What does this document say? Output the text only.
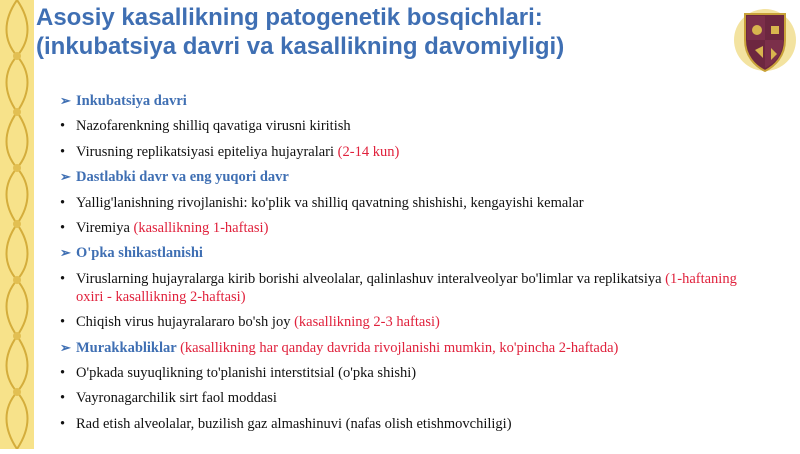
Asosiy kasallikning patogenetik bosqichlari:
(inkubatsiya davri va kasallikning davomiyligi)
➢ Inkubatsiya davri
• Nazofarenkning shilliq qavatiga virusni kiritish
• Virusning replikatsiyasi epiteliya hujayralari (2-14 kun)
➢ Dastlabki davr va eng yuqori davr
• Yallig'lanishning rivojlanishi: ko'plik va shilliq qavatning shishishi, kengayishi kemalar
• Viremiya (kasallikning 1-haftasi)
➢ O'pka shikastlanishi
• Viruslarning hujayralarga kirib borishi alveolalar, qalinlashuv interalveolyar bo'limlar va replikatsiya (1-haftaning oxiri - kasallikning 2-haftasi)
• Chiqish virus hujayralararo bo'sh joy (kasallikning 2-3 haftasi)
➢ Murakkabliklar (kasallikning har qanday davrida rivojlanishi mumkin, ko'pincha 2-haftada)
• O'pkada suyuqlikning to'planishi interstitsial (o'pka shishi)
• Vayronagarchilik sirt faol moddasi
• Rad etish alveolalar, buzilish gaz almashinuvi (nafas olish etishmovchiligi)
